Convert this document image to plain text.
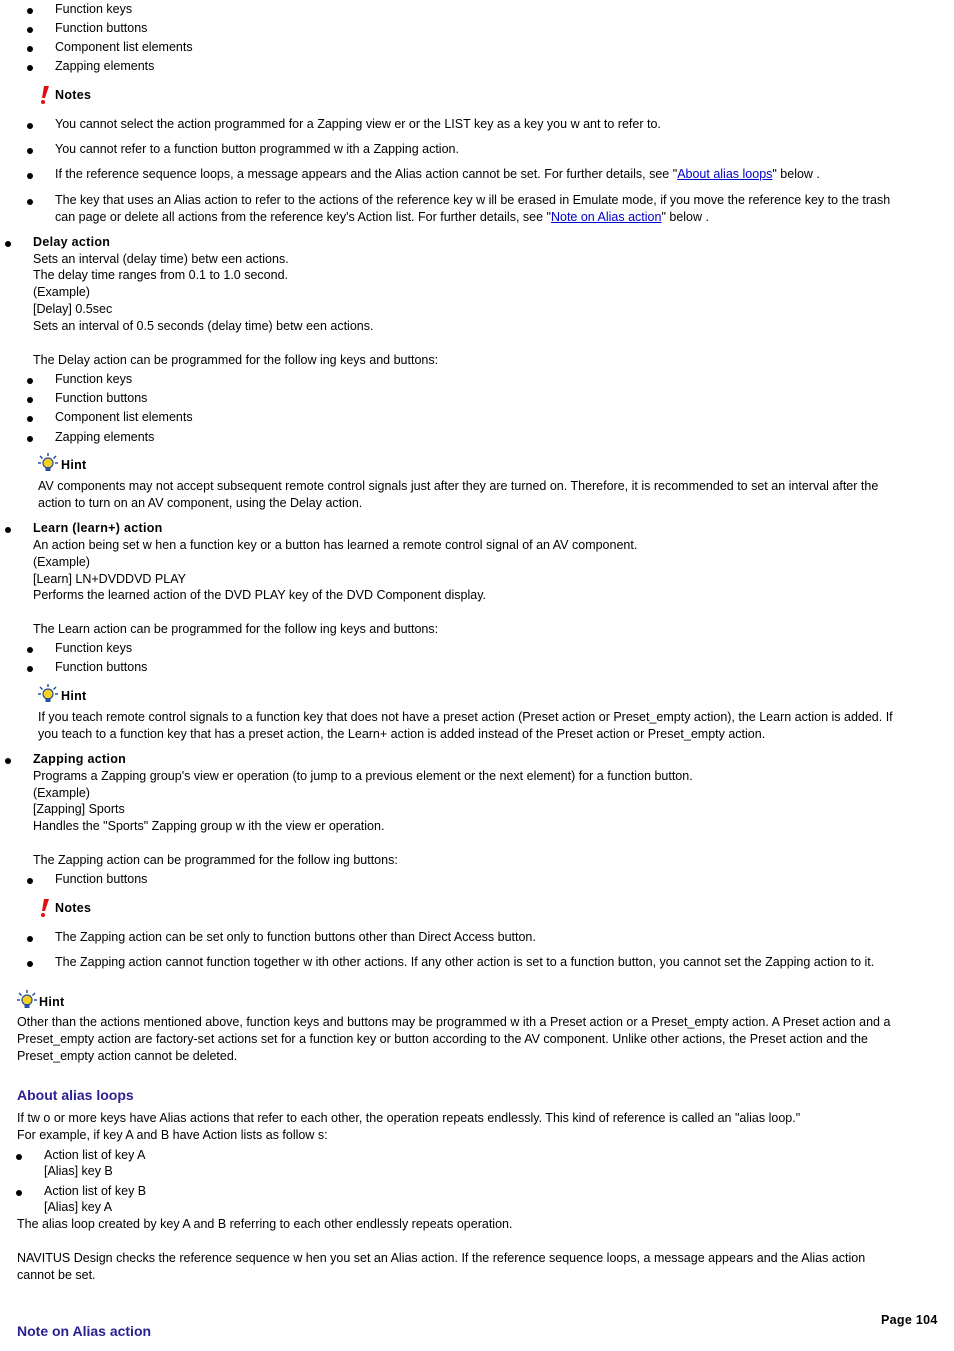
Function keys
Function buttons
Component list elements
Zapping elements
Notes
You cannot select the action programmed for a Zapping view er or the LIST key as a key you w ant to refer to.
You cannot refer to a function button programmed w ith a Zapping action.
If the reference sequence loops, a message appears and the Alias action cannot be set. For further details, see "About alias loops" below .
The key that uses an Alias action to refer to the actions of the reference key w ill be erased in Emulate mode, if you move the reference key to the trash
can page or delete all actions from the reference key's Action list. For further details, see "Note on Alias action" below .
Delay action
Sets an interval (delay time) betw een actions.
The delay time ranges from 0.1 to 1.0 second.
(Example)
[Delay] 0.5sec
Sets an interval of 0.5 seconds (delay time) betw een actions.
The Delay action can be programmed for the follow ing keys and buttons:
Function keys
Function buttons
Component list elements
Zapping elements
Hint
AV components may not accept subsequent remote control signals just after they are turned on. Therefore, it is recommended to set an interval after the
action to turn on an AV component, using the Delay action.
Learn (learn+) action
An action being set w hen a function key or a button has learned a remote control signal of an AV component.
(Example)
[Learn] LN+DVDDVD PLAY
Performs the learned action of the DVD PLAY key of the DVD Component display.
The Learn action can be programmed for the follow ing keys and buttons:
Function keys
Function buttons
Hint
If you teach remote control signals to a function key that does not have a preset action (Preset action or Preset_empty action), the Learn action is added. If
you teach to a function key that has a preset action, the Learn+ action is added instead of the Preset action or Preset_empty action.
Zapping action
Programs a Zapping group's view er operation (to jump to a previous element or the next element) for a function button.
(Example)
[Zapping] Sports
Handles the "Sports" Zapping group w ith the view er operation.
The Zapping action can be programmed for the follow ing buttons:
Function buttons
Notes
The Zapping action can be set only to function buttons other than Direct Access button.
The Zapping action cannot function together w ith other actions. If any other action is set to a function button, you cannot set the Zapping action to it.
Hint
Other than the actions mentioned above, function keys and buttons may be programmed w ith a Preset action or a Preset_empty action. A Preset action and a
Preset_empty action are factory-set actions set for a function key or button according to the AV component. Unlike other actions, the Preset action and the
Preset_empty action cannot be deleted.
About alias loops
If tw o or more keys have Alias actions that refer to each other, the operation repeats endlessly. This kind of reference is called an "alias loop."
For example, if key A and B have Action lists as follow s:
Action list of key A
[Alias] key B
Action list of key B
[Alias] key A
The alias loop created by key A and B referring to each other endlessly repeats operation.
NAVITUS Design checks the reference sequence w hen you set an Alias action. If the reference sequence loops, a message appears and the Alias action
cannot be set.
Page 104
Note on Alias action
